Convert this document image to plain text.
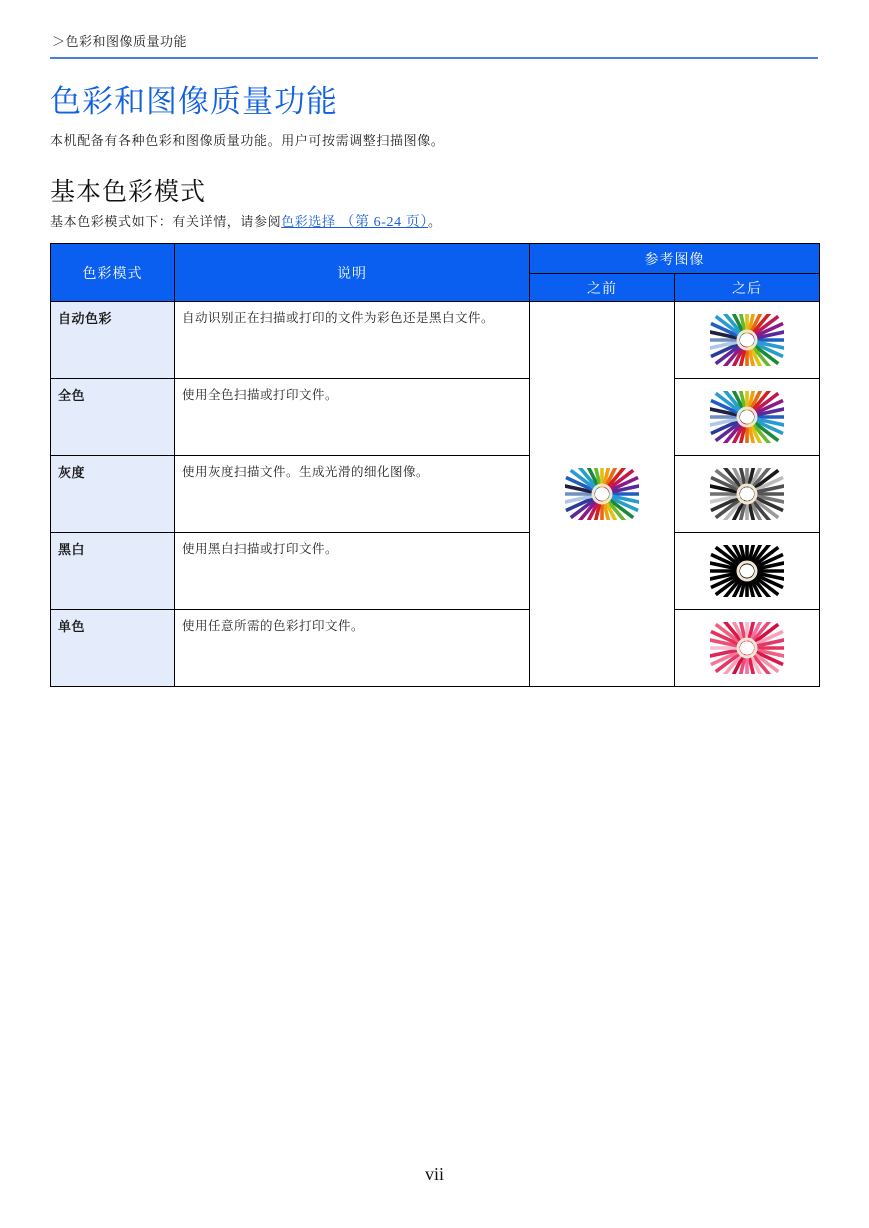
＞色彩和图像质量功能
色彩和图像质量功能

本机配备有各种色彩和图像质量功能。用户可按需调整扫描图像。

基本色彩模式

基本色彩模式如下：有关详情，请参阅色彩选择 （第 6-24 页）。

色彩模式	说明	参考图像	
		之前	之后
自动色彩	自动识别正在扫描或打印的文件为彩色还是黑白文件。	

全色	使用全色扫描或打印文件。	

灰度	使用灰度扫描文件。生成光滑的细化图像。	

黑白	使用黑白扫描或打印文件。	

单色	使用任意所需的色彩打印文件。	
vii
